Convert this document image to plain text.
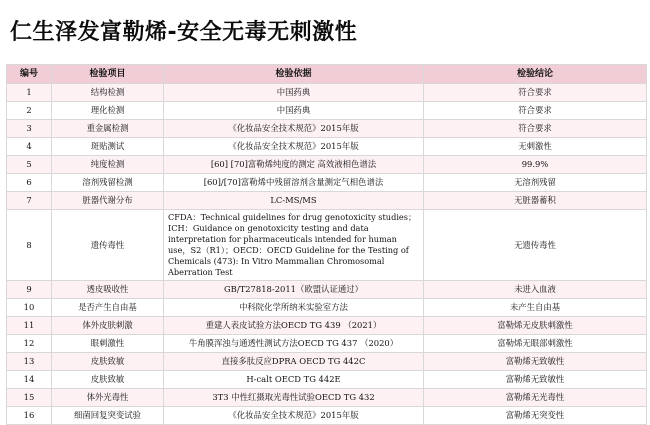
仁生泽发富勒烯-安全无毒无刺激性
编号	检验项目	检验依据	检验结论
1	结构检测	中国药典	符合要求
2	理化检测	中国药典	符合要求
3	重金属检测	《化妆品安全技术规范》2015年版	符合要求
4	斑贴测试	《化妆品安全技术规范》2015年版	无刺激性
5	纯度检测	[60] [70]富勒烯纯度的测定 高效液相色谱法	99.9%
6	溶剂残留检测	[60]/[70]富勒烯中残留溶剂含量测定气相色谱法	无溶剂残留
7	脏器代谢分布	LC-MS/MS	无脏器蓄积
8	遗传毒性	CFDA：Technical guidelines for drug genotoxicity studies；ICH：Guidance on genotoxicity testing and data interpretation for pharmaceuticals intended for human use，S2（R1）；OECD：OECD Guideline for the Testing of Chemicals (473): In Vitro Mammalian Chromosomal Aberration Test	无遗传毒性
9	透皮吸收性	GB/T27818-2011（欧盟认证通过）	未进入血液
10	是否产生自由基	中科院化学所纳米实验室方法	未产生自由基
11	体外皮肤刺激	重建人表皮试验方法OECD TG 439 （2021）	富勒烯无皮肤刺激性
12	眼刺激性	牛角膜浑浊与通透性测试方法OECD TG 437 （2020）	富勒烯无眼部刺激性
13	皮肤致敏	直接多肽反应DPRA OECD TG 442C	富勒烯无致敏性
14	皮肤致敏	H-calt OECD TG 442E	富勒烯无致敏性
15	体外光毒性	3T3 中性红摄取光毒性试验OECD TG 432	富勒烯无光毒性
16	细菌回复突变试验	《化妆品安全技术规范》2015年版	富勒烯无突变性
